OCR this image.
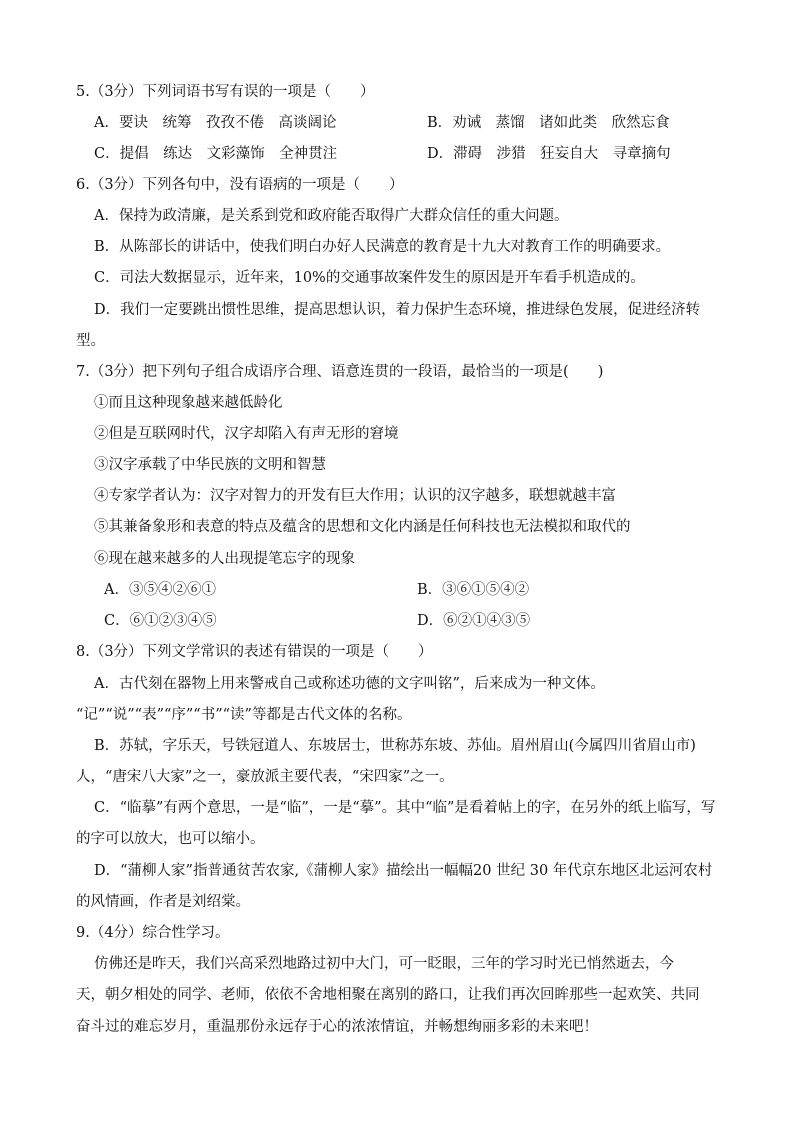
5.（3分）下列词语书写有误的一项是（　　）
A．要诀　统筹　孜孜不倦　高谈阔论	B．劝诫　蒸馏　诸如此类　欣然忘食
C．提倡　练达　文彩藻饰　全神贯注	D．滞碍　涉猎　狂妄自大　寻章摘句
6.（3分）下列各句中，没有语病的一项是（　　）
A．保持为政清廉，是关系到党和政府能否取得广大群众信任的重大问题。
B．从陈部长的讲话中，使我们明白办好人民满意的教育是十九大对教育工作的明确要求。
C．司法大数据显示，近年来，10%的交通事故案件发生的原因是开车看手机造成的。
D．我们一定要跳出惯性思维，提高思想认识，着力保护生态环境，推进绿色发展，促进经济转
型。
7.（3分）把下列句子组合成语序合理、语意连贯的一段语，最恰当的一项是(　　)
①而且这种现象越来越低龄化
②但是互联网时代，汉字却陷入有声无形的窘境
③汉字承载了中华民族的文明和智慧
④专家学者认为：汉字对智力的开发有巨大作用；认识的汉字越多，联想就越丰富
⑤其兼备象形和表意的特点及蕴含的思想和文化内涵是任何科技也无法模拟和取代的
⑥现在越来越多的人出现提笔忘字的现象
A．③⑤④②⑥①	B．③⑥①⑤④②
C．⑥①②③④⑤	D．⑥②①④③⑤
8.（3分）下列文学常识的表述有错误的一项是（　　）
A．古代刻在器物上用来警戒自己或称述功德的文字叫铭”，后来成为一种文体。
“记”“说”“表”“序”“书”“读”等都是古代文体的名称。
B．苏轼，字乐天，号铁冠道人、东坡居士，世称苏东坡、苏仙。眉州眉山(今属四川省眉山市)
人，“唐宋八大家”之一，豪放派主要代表，“宋四家”之一。
C．“临摹”有两个意思，一是“临”，一是“摹”。其中“临”是看着帖上的字，在另外的纸上临写，写
的字可以放大，也可以缩小。
D．“蒲柳人家”指普通贫苦农家,《蒲柳人家》描绘出一幅幅20 世纪 30 年代京东地区北运河农村
的风情画，作者是刘绍棠。
9.（4分）综合性学习。
仿佛还是昨天，我们兴高采烈地路过初中大门，可一眨眼，三年的学习时光已悄然逝去，今
天，朝夕相处的同学、老师，依依不舍地相聚在离别的路口，让我们再次回眸那些一起欢笑、共同
奋斗过的难忘岁月，重温那份永远存于心的浓浓情谊，并畅想绚丽多彩的未来吧！
